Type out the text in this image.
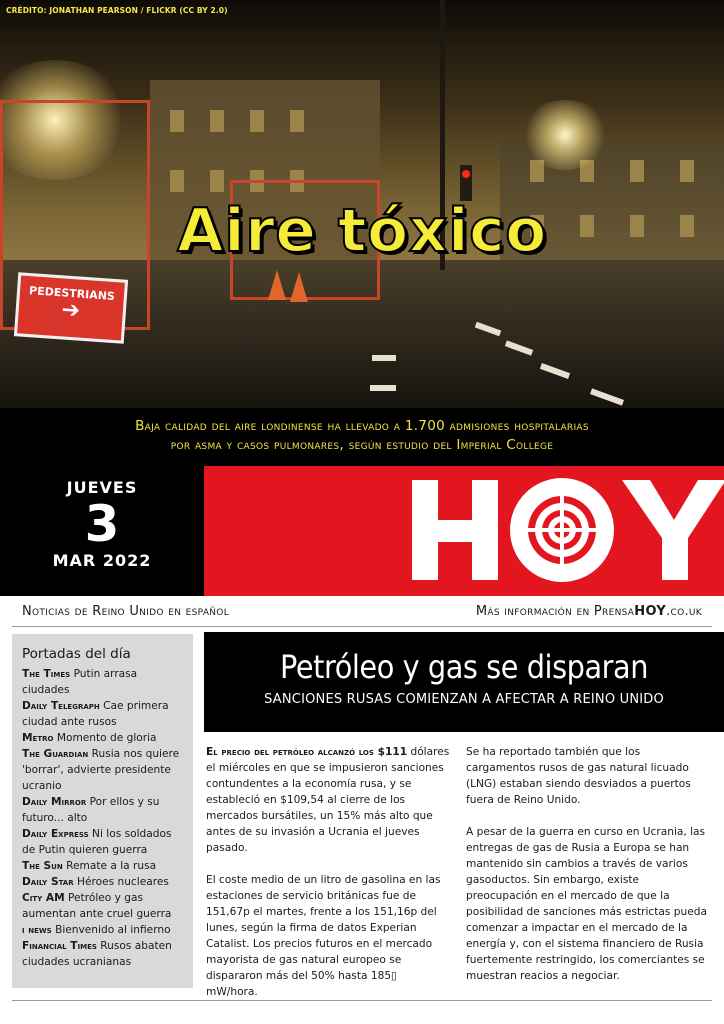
PEDESTRIANS
➔
CRÉDITO: JONATHAN PEARSON / FLICKR (CC BY 2.0)
Aire tóxico
Baja calidad del aire londinense ha llevado a 1.700 admisiones hospitalarias
por asma y casos pulmonares, según estudio del Imperial College
JUEVES
3
MAR 2022
HOY
Noticias de Reino Unido en español	Más información en PrensaHOY.co.uk
Portadas del día
The Times Putin arrasa ciudades
Daily Telegraph Cae primera ciudad ante rusos
Metro Momento de gloria
The Guardian Rusia nos quiere 'borrar', advierte presidente ucranio
Daily Mirror Por ellos y su futuro... alto
Daily Express Ni los soldados de Putin quieren guerra
The Sun Remate a la rusa
Daily Star Héroes nucleares
City AM Petróleo y gas aumentan ante cruel guerra
i news Bienvenido al infierno
Financial Times Rusos abaten ciudades ucranianas
Petróleo y gas se disparan
SANCIONES RUSAS COMIENZAN A AFECTAR A REINO UNIDO

El precio del petróleo alcanzó los $111 dólares el miércoles en que se impusieron sanciones contundentes a la economía rusa, y se estableció en $109,54 al cierre de los mercados bursátiles, un 15% más alto que antes de su invasión a Ucrania el jueves pasado.

El coste medio de un litro de gasolina en las estaciones de servicio británicas fue de 151,67p el martes, frente a los 151,16p del lunes, según la firma de datos Experian Catalist. Los precios futuros en el mercado mayorista de gas natural europeo se dispararon más del 50% hasta 185▯ mW/hora.

Se ha reportado también que los cargamentos rusos de gas natural licuado (LNG) estaban siendo desviados a puertos fuera de Reino Unido.

A pesar de la guerra en curso en Ucrania, las entregas de gas de Rusia a Europa se han mantenido sin cambios a través de varios gasoductos. Sin embargo, existe preocupación en el mercado de que la posibilidad de sanciones más estrictas pueda comenzar a impactar en el mercado de la energía y, con el sistema financiero de Rusia fuertemente restringido, los comerciantes se muestran reacios a negociar.
